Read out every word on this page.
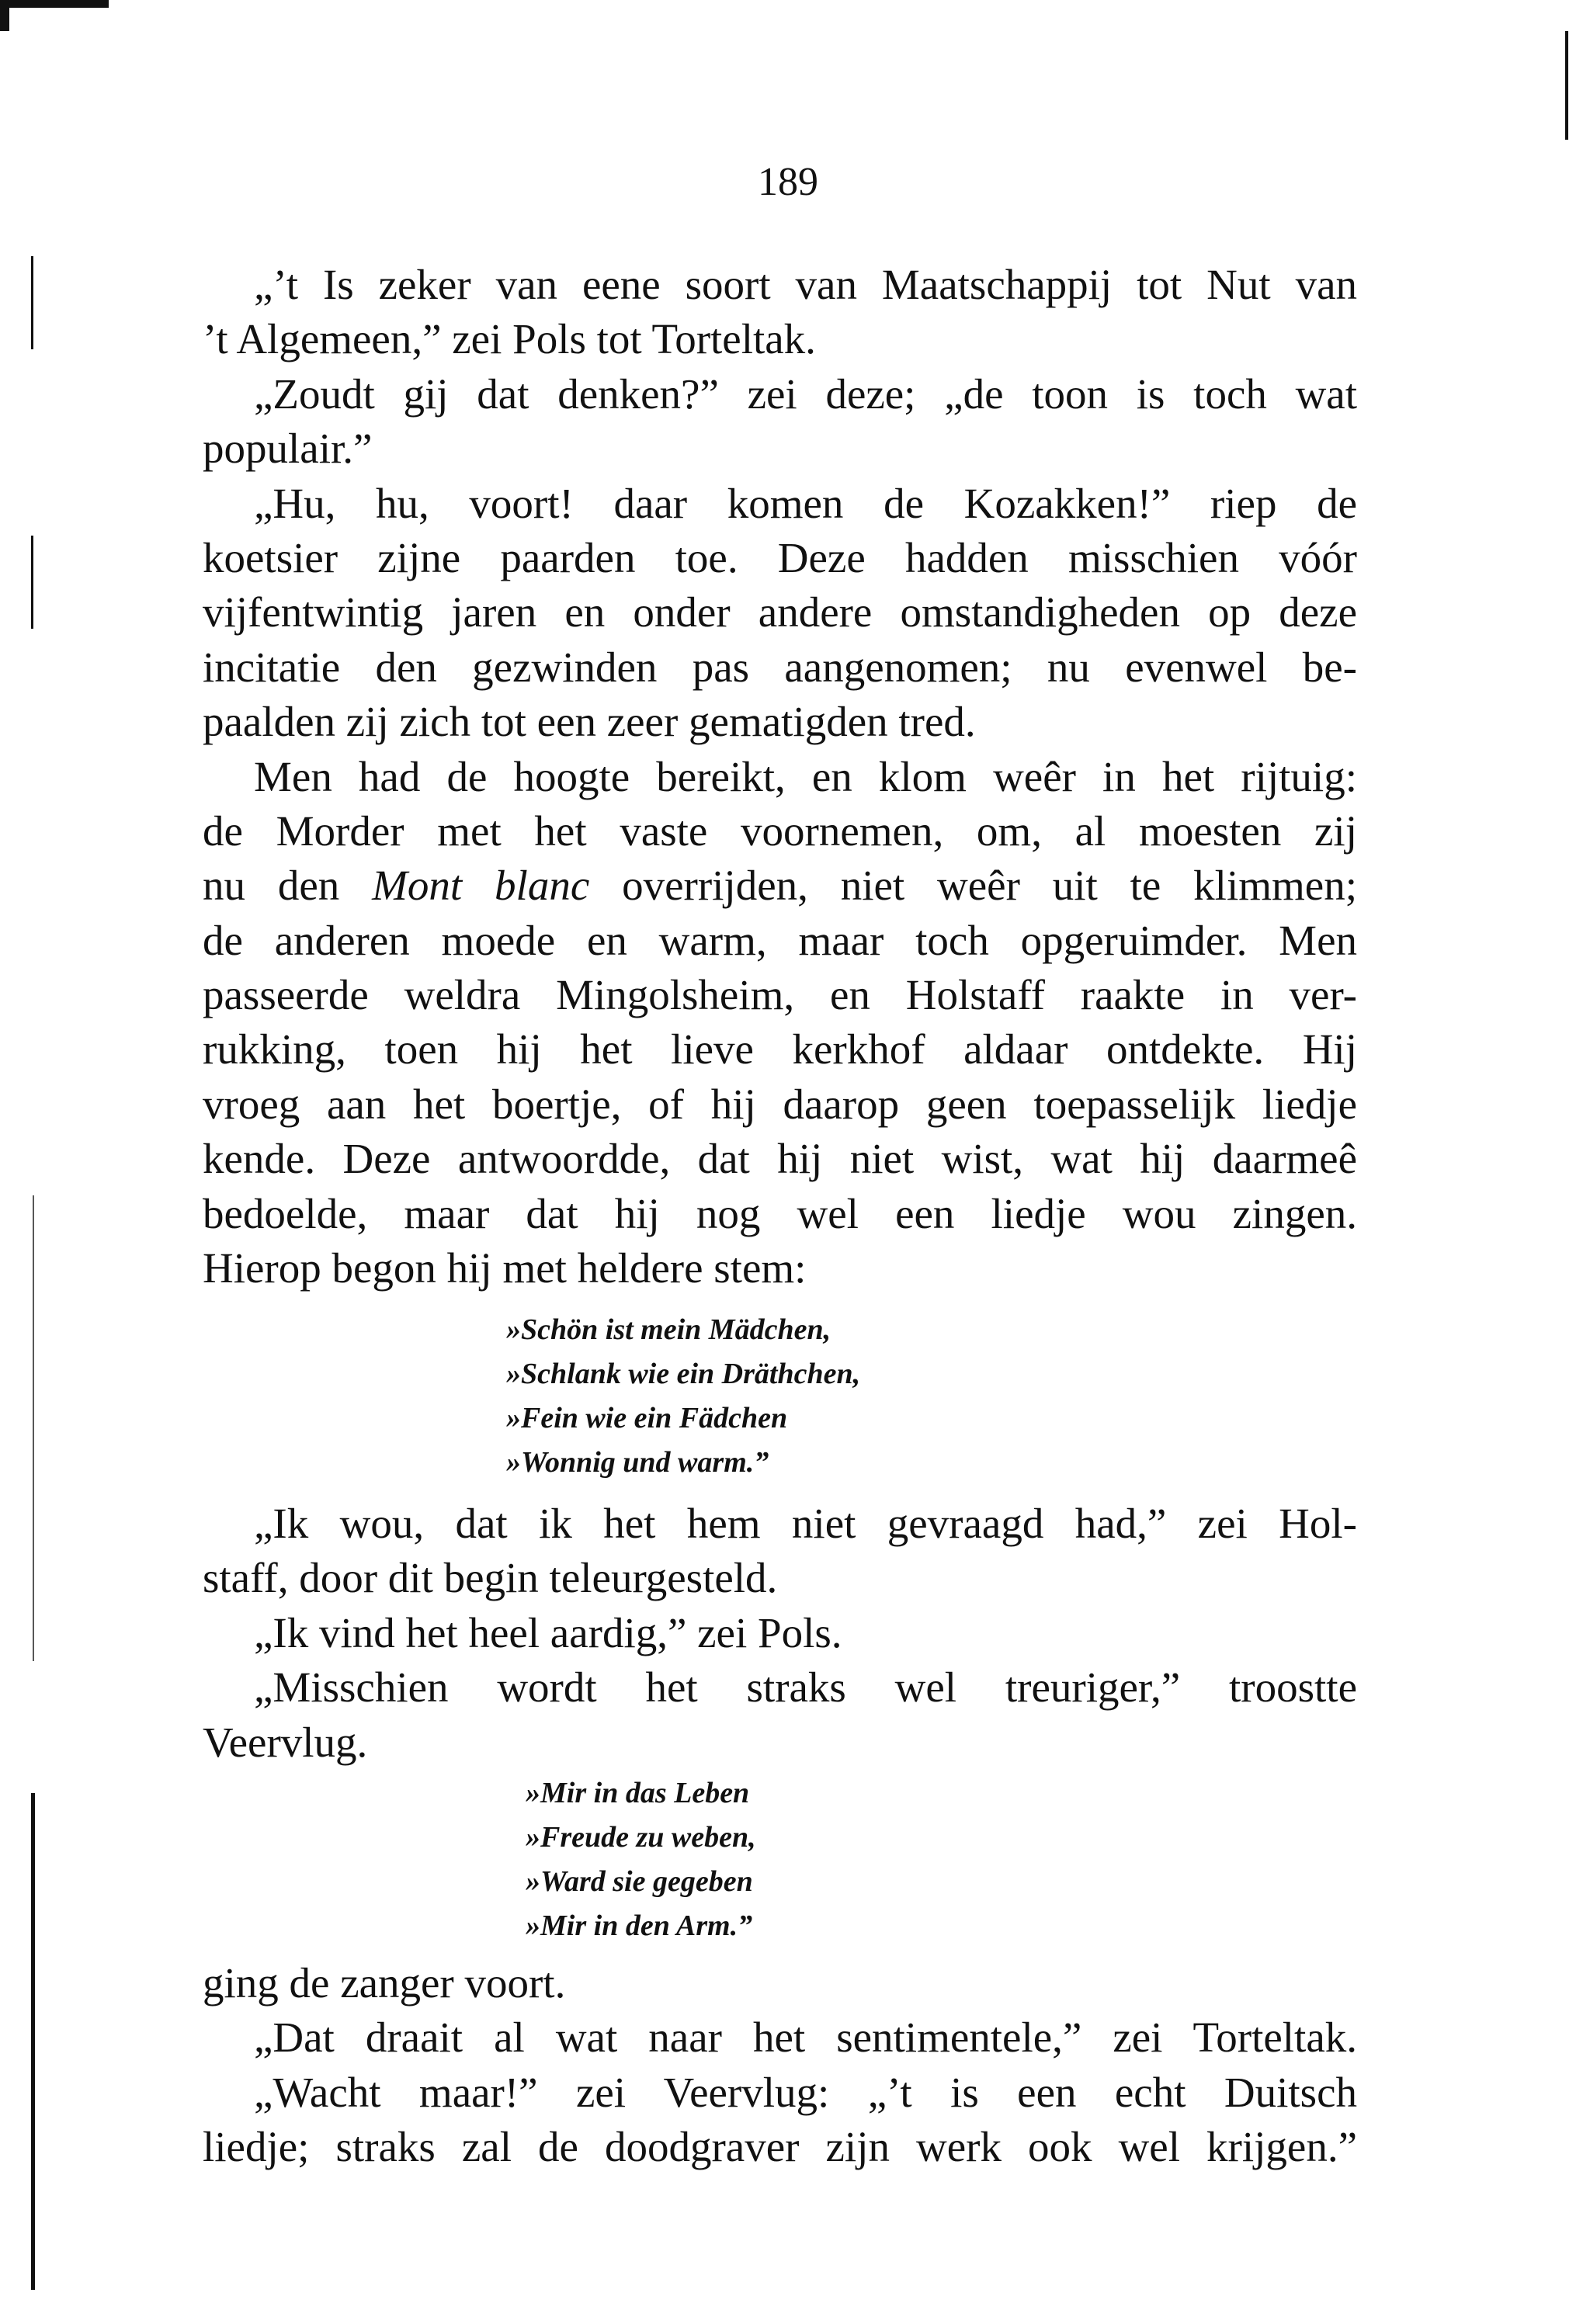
189
„’t Is zeker van eene soort van Maatschappij tot Nut van
’t Algemeen,” zei Pols tot Torteltak.
„Zoudt gij dat denken?” zei deze; „de toon is toch wat
populair.”
„Hu, hu, voort! daar komen de Kozakken!” riep de
koetsier zijne paarden toe. Deze hadden misschien vóór
vijfentwintig jaren en onder andere omstandigheden op deze
incitatie den gezwinden pas aangenomen; nu evenwel be-
paalden zij zich tot een zeer gematigden tred.
Men had de hoogte bereikt, en klom weêr in het rijtuig:
de Morder met het vaste voornemen, om, al moesten zij
nu den Mont blanc overrijden, niet weêr uit te klimmen;
de anderen moede en warm, maar toch opgeruimder. Men
passeerde weldra Mingolsheim, en Holstaff raakte in ver-
rukking, toen hij het lieve kerkhof aldaar ontdekte. Hij
vroeg aan het boertje, of hij daarop geen toepasselijk liedje
kende. Deze antwoordde, dat hij niet wist, wat hij daarmeê
bedoelde, maar dat hij nog wel een liedje wou zingen.
Hierop begon hij met heldere stem:
»Schön ist mein Mädchen,
»Schlank wie ein Dräthchen,
»Fein wie ein Fädchen
»Wonnig und warm.”
„Ik wou, dat ik het hem niet gevraagd had,” zei Hol-
staff, door dit begin teleurgesteld.
„Ik vind het heel aardig,” zei Pols.
„Misschien wordt het straks wel treuriger,” troostte
Veervlug.
»Mir in das Leben
»Freude zu weben,
»Ward sie gegeben
»Mir in den Arm.”
ging de zanger voort.
„Dat draait al wat naar het sentimentele,” zei Torteltak.
„Wacht maar!” zei Veervlug: „’t is een echt Duitsch
liedje; straks zal de doodgraver zijn werk ook wel krijgen.”
